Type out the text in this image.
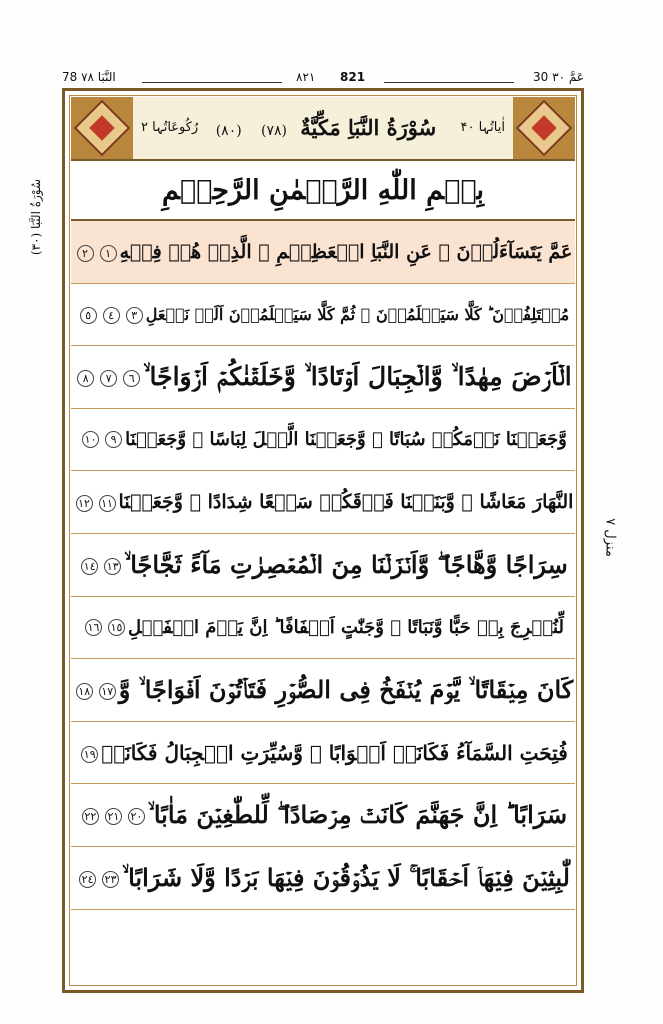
30 عَمَّ ۳۰
۸۲۱ 821
78 النَّبَا ۷۸
اٰیاتُہا ۴۰
(۸۰)	سُوْرَةُ النَّبَاِ مَكِّيَّةٌ (۷۸)
رُکُوعَاتُہا ۲
بِسۡمِ اللّٰهِ الرَّحۡمٰنِ الرَّحِيۡمِ
عَمَّ يَتَسَآءَلُوۡنَ ۚ عَنِ النَّبَاِ الۡعَظِيۡمِ ۙ الَّذِىۡ هُمۡ فِيۡهِ١٢
مُخۡتَلِفُوۡنَ ؕ كَلَّا سَيَعۡلَمُوۡنَ ۙ ثُمَّ كَلَّا سَيَعۡلَمُوۡنَ اَلَمۡ نَجۡعَلِ٣٤٥
الۡاَرۡضَ مِهٰدًا ۙ وَّالۡجِبَالَ اَوۡتَادًا ۙ وَّخَلَقۡنٰكُمۡ اَزۡوَاجًا ۙ٦٧٨
وَّجَعَلۡنَا نَوۡمَكُمۡ سُبَاتًا ۙ وَّجَعَلۡنَا الَّيۡلَ لِبَاسًا ۙ وَّجَعَلۡنَا٩١٠
النَّهَارَ مَعَاشًا ۖ وَّبَنَيۡنَا فَوۡقَكُمۡ سَبۡعًا شِدَادًا ۙ وَّجَعَلۡنَا١١١٢
سِرَاجًا وَّهَّاجًا ۖ وَّاَنۡزَلۡنَا مِنَ الۡمُعۡصِرٰتِ مَآءً ثَجَّاجًا ۙ١٣١٤
لِّنُخۡرِجَ بِهٖ حَبًّا وَّنَبَاتًا ۙ وَّجَنّٰتٍ اَلۡفَافًا ؕ اِنَّ يَوۡمَ الۡفَصۡلِ١٥١٦
كَانَ مِيۡقَاتًا ۙ يَّوۡمَ يُنۡفَخُ فِى الصُّوۡرِ فَتَاۡتُوۡنَ اَفۡوَاجًا ۙ وَّ١٧١٨
فُتِحَتِ السَّمَآءُ فَكَانَتۡ اَبۡوَابًا ۙ وَّسُيِّرَتِ الۡجِبَالُ فَكَانَتۡ١٩
سَرَابًا ؕ اِنَّ جَهَنَّمَ كَانَتۡ مِرۡصَادًا ۖ لِّلطّٰغِيۡنَ مَاٰبًا ۙ٢٠٢١٢٢
لّٰبِثِيۡنَ فِيۡهَاۤ اَحۡقَابًا ۚ لَا يَذُوۡقُوۡنَ فِيۡهَا بَرۡدًا وَّلَا شَرَابًا ۙ٢٣٢٤
(٣٠) سُوْرَةُ النَّبَا
منزل ٧
